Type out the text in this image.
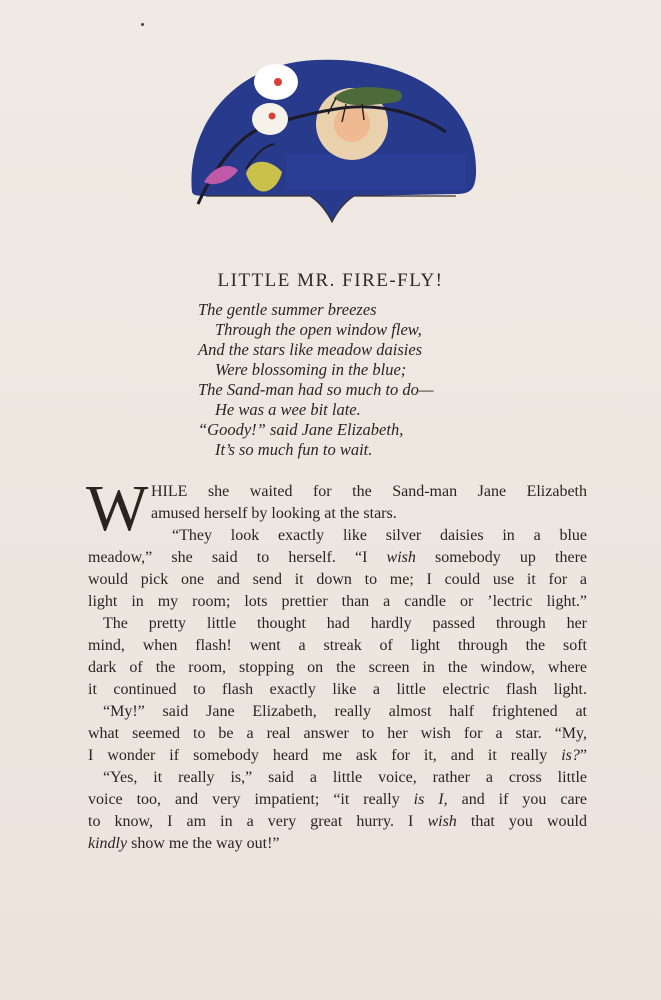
LITTLE MR. FIRE-FLY!
The gentle summer breezes
Through the open window flew,
And the stars like meadow daisies
Were blossoming in the blue;
The Sand-man had so much to do—
He was a wee bit late.
“Goody!” said Jane Elizabeth,
It’s so much fun to wait.
W HILE she waited for the Sand-man Jane Elizabeth
amused herself by looking at the stars.
“They look exactly like silver daisies in a blue
meadow,” she said to herself. “I wish somebody up there
would pick one and send it down to me; I could use it for a
light in my room; lots prettier than a candle or ’lectric light.”
The pretty little thought had hardly passed through her
mind, when flash! went a streak of light through the soft
dark of the room, stopping on the screen in the window, where
it continued to flash exactly like a little electric flash light.
“My!” said Jane Elizabeth, really almost half frightened at
what seemed to be a real answer to her wish for a star. “My,
I wonder if somebody heard me ask for it, and it really is?”
“Yes, it really is,” said a little voice, rather a cross little
voice too, and very impatient; “it really is I, and if you care
to know, I am in a very great hurry. I wish that you would
kindly show me the way out!”
